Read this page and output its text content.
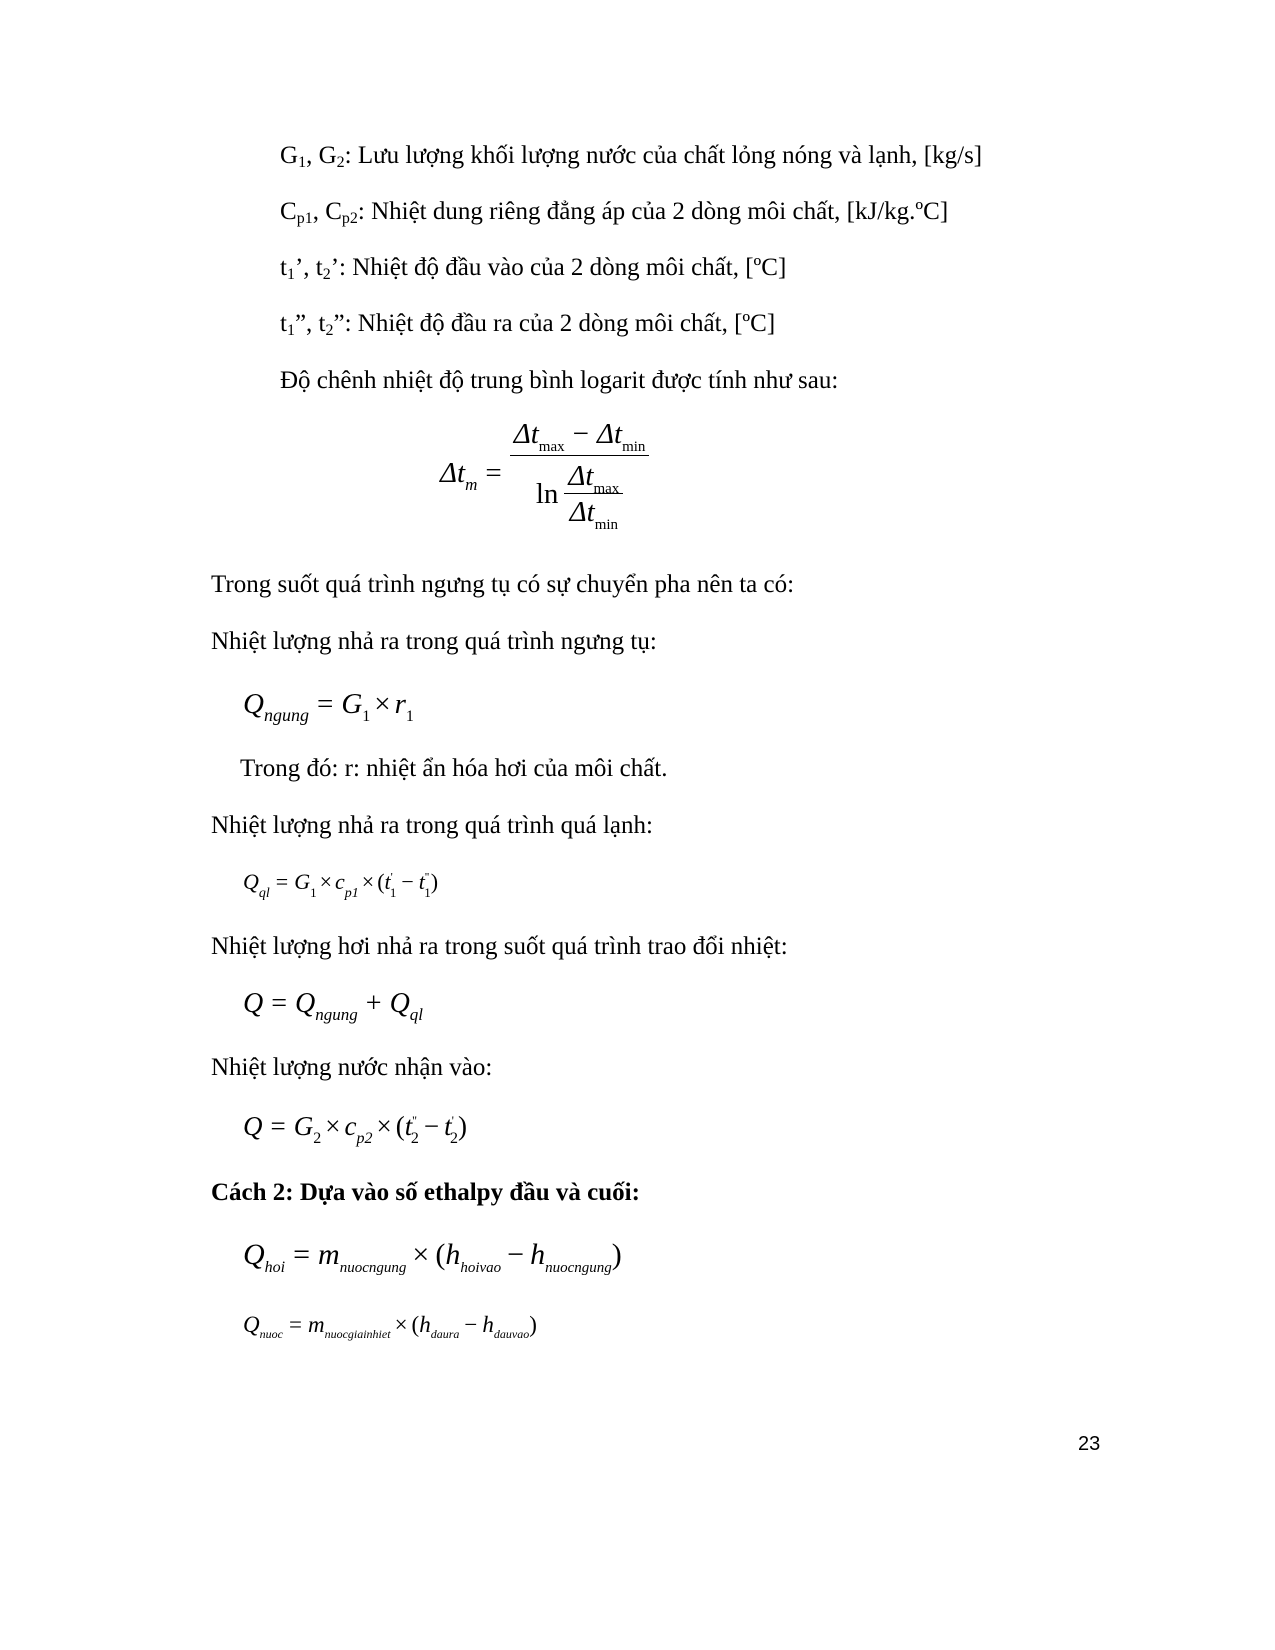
$G_1$, $G_2$: Lưu lượng khối lượng nước của chất lỏng nóng và lạnh, [kg/s]
$C_{p1}$, $C_{p2}$: Nhiệt dung riêng đẳng áp của 2 dòng môi chất, [kJ/kg.ºC]
$t_1$’, $t_2$’: Nhiệt độ đầu vào của 2 dòng môi chất, [ºC]
$t_1$”, $t_2$”: Nhiệt độ đầu ra của 2 dòng môi chất, [ºC]
Độ chênh nhiệt độ trung bình logarit được tính như sau:
$\Delta t_m = \frac{\Delta t_{max} - \Delta t_{min}}{\ln \frac{\Delta t_{max}}{\Delta t_{min}}}$
Trong suốt quá trình ngưng tụ có sự chuyển pha nên ta có:
Nhiệt lượng nhả ra trong quá trình ngưng tụ:
$Q_{ngung} = G_1 \times r_1$
Trong đó: r: nhiệt ẩn hóa hơi của môi chất.
Nhiệt lượng nhả ra trong quá trình quá lạnh:
$Q_{ql} = G_1 \times c_{p1} \times (t'_1 - t''_1)$
Nhiệt lượng hơi nhả ra trong suốt quá trình trao đổi nhiệt:
$Q = Q_{ngung} + Q_{ql}$
Nhiệt lượng nước nhận vào:
$Q = G_2 \times c_{p2} \times (t''_2 - t'_2)$
Cách 2: Dựa vào số ethalpy đầu và cuối:
$Q_{hoi} = m_{nuocngung} \times (h_{hoivao} - h_{nuocngung})$
$Q_{nuoc} = m_{nuocgiainhiet} \times (h_{daura} - h_{dauvao})$
23
